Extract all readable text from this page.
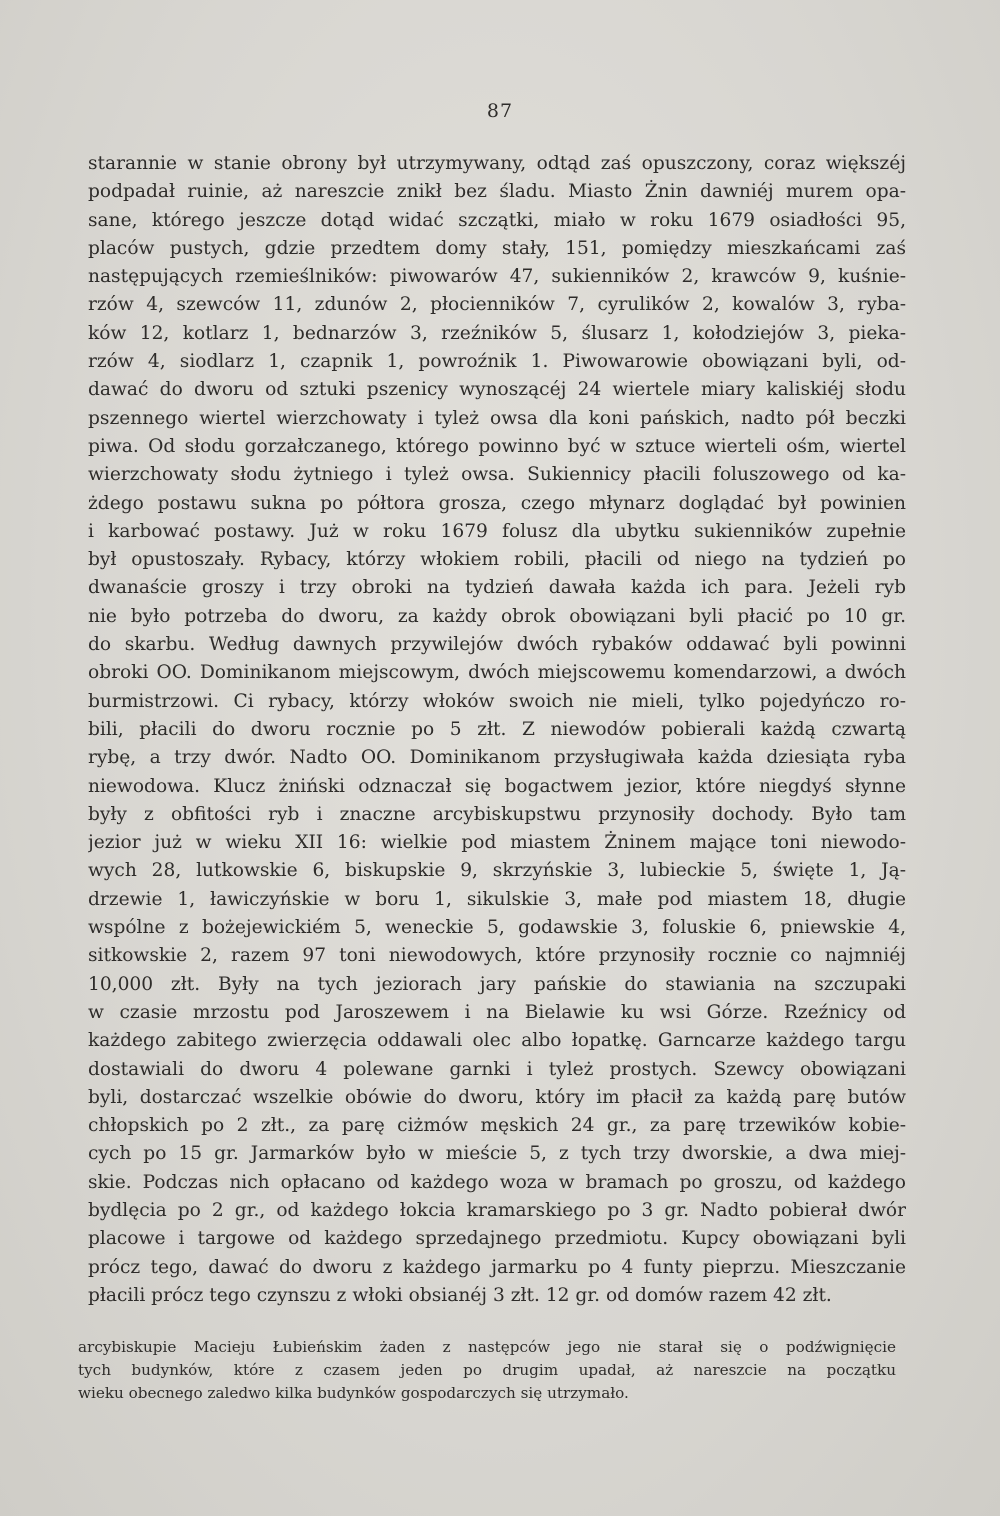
87
starannie w stanie obrony był utrzymywany, odtąd zaś opuszczony, coraz większéj
podpadał ruinie, aż nareszcie znikł bez śladu. Miasto Żnin dawniéj murem opa-
sane, którego jeszcze dotąd widać szczątki, miało w roku 1679 osiadłości 95,
placów pustych, gdzie przedtem domy stały, 151, pomiędzy mieszkańcami zaś
następujących rzemieślników: piwowarów 47, sukienników 2, krawców 9, kuśnie-
rzów 4, szewców 11, zdunów 2, płocienników 7, cyrulików 2, kowalów 3, ryba-
ków 12, kotlarz 1, bednarzów 3, rzeźników 5, ślusarz 1, kołodziejów 3, pieka-
rzów 4, siodlarz 1, czapnik 1, powroźnik 1. Piwowarowie obowiązani byli, od-
dawać do dworu od sztuki pszenicy wynoszącéj 24 wiertele miary kaliskiéj słodu
pszennego wiertel wierzchowaty i tyleż owsa dla koni pańskich, nadto pół beczki
piwa. Od słodu gorzałczanego, którego powinno być w sztuce wierteli ośm, wiertel
wierzchowaty słodu żytniego i tyleż owsa. Sukiennicy płacili foluszowego od ka-
żdego postawu sukna po półtora grosza, czego młynarz doglądać był powinien
i karbować postawy. Już w roku 1679 folusz dla ubytku sukienników zupełnie
był opustoszały. Rybacy, którzy włokiem robili, płacili od niego na tydzień po
dwanaście groszy i trzy obroki na tydzień dawała każda ich para. Jeżeli ryb
nie było potrzeba do dworu, za każdy obrok obowiązani byli płacić po 10 gr.
do skarbu. Według dawnych przywilejów dwóch rybaków oddawać byli powinni
obroki OO. Dominikanom miejscowym, dwóch miejscowemu komendarzowi, a dwóch
burmistrzowi. Ci rybacy, którzy włoków swoich nie mieli, tylko pojedyńczo ro-
bili, płacili do dworu rocznie po 5 złt. Z niewodów pobierali każdą czwartą
rybę, a trzy dwór. Nadto OO. Dominikanom przysługiwała każda dziesiąta ryba
niewodowa. Klucz żniński odznaczał się bogactwem jezior, które niegdyś słynne
były z obfitości ryb i znaczne arcybiskupstwu przynosiły dochody. Było tam
jezior już w wieku XII 16: wielkie pod miastem Żninem mające toni niewodo-
wych 28, lutkowskie 6, biskupskie 9, skrzyńskie 3, lubieckie 5, święte 1, Ją-
drzewie 1, ławiczyńskie w boru 1, sikulskie 3, małe pod miastem 18, długie
wspólne z bożejewickiém 5, weneckie 5, godawskie 3, foluskie 6, pniewskie 4,
sitkowskie 2, razem 97 toni niewodowych, które przynosiły rocznie co najmniéj
10,000 złt. Były na tych jeziorach jary pańskie do stawiania na szczupaki
w czasie mrzostu pod Jaroszewem i na Bielawie ku wsi Górze. Rzeźnicy od
każdego zabitego zwierzęcia oddawali olec albo łopatkę. Garncarze każdego targu
dostawiali do dworu 4 polewane garnki i tyleż prostych. Szewcy obowiązani
byli, dostarczać wszelkie obówie do dworu, który im płacił za każdą parę butów
chłopskich po 2 złt., za parę ciżmów męskich 24 gr., za parę trzewików kobie-
cych po 15 gr. Jarmarków było w mieście 5, z tych trzy dworskie, a dwa miej-
skie. Podczas nich opłacano od każdego woza w bramach po groszu, od każdego
bydlęcia po 2 gr., od każdego łokcia kramarskiego po 3 gr. Nadto pobierał dwór
placowe i targowe od każdego sprzedajnego przedmiotu. Kupcy obowiązani byli
prócz tego, dawać do dworu z każdego jarmarku po 4 funty pieprzu. Mieszczanie
płacili prócz tego czynszu z włoki obsianéj 3 złt. 12 gr. od domów razem 42 złt.
arcybiskupie Macieju Łubieńskim żaden z następców jego nie starał się o podźwignięcie
tych budynków, które z czasem jeden po drugim upadał, aż nareszcie na początku
wieku obecnego zaledwo kilka budynków gospodarczych się utrzymało.
